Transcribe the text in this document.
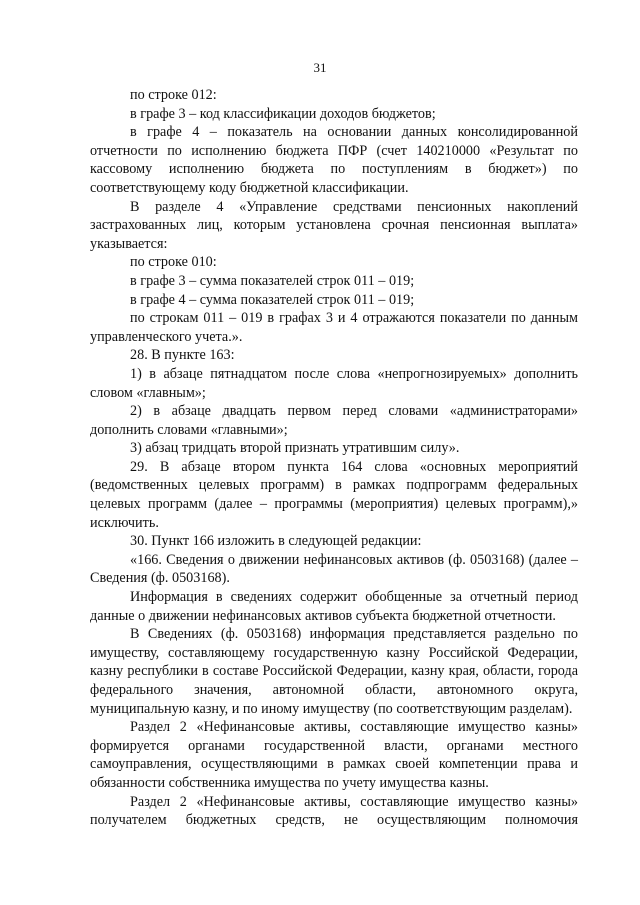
31

по строке 012:

в графе 3 – код классификации доходов бюджетов;

в графе 4 – показатель на основании данных консолидированной отчетности по исполнению бюджета ПФР (счет 140210000 «Результат по кассовому исполнению бюджета по поступлениям в бюджет») по соответствующему коду бюджетной классификации.

В разделе 4 «Управление средствами пенсионных накоплений застрахованных лиц, которым установлена срочная пенсионная выплата» указывается:

по строке 010:

в графе 3 – сумма показателей строк 011 – 019;

в графе 4 – сумма показателей строк 011 – 019;

по строкам 011 – 019 в графах 3 и 4 отражаются показатели по данным управленческого учета.».

28. В пункте 163:

1) в абзаце пятнадцатом после слова «непрогнозируемых» дополнить словом «главным»;

2) в абзаце двадцать первом перед словами «администраторами» дополнить словами «главными»;

3) абзац тридцать второй признать утратившим силу».

29. В абзаце втором пункта 164 слова «основных мероприятий (ведомственных целевых программ) в рамках подпрограмм федеральных целевых программ (далее – программы (мероприятия) целевых программ),» исключить.

30. Пункт 166 изложить в следующей редакции:

«166. Сведения о движении нефинансовых активов (ф. 0503168) (далее – Сведения (ф. 0503168).

Информация в сведениях содержит обобщенные за отчетный период данные о движении нефинансовых активов субъекта бюджетной отчетности.

В Сведениях (ф. 0503168) информация представляется раздельно по имуществу, составляющему государственную казну Российской Федерации, казну республики в составе Российской Федерации, казну края, области, города федерального значения, автономной области, автономного округа, муниципальную казну, и по иному имуществу (по соответствующим разделам).

Раздел 2 «Нефинансовые активы, составляющие имущество казны» формируется органами государственной власти, органами местного самоуправления, осуществляющими в рамках своей компетенции права и обязанности собственника имущества по учету имущества казны.

Раздел 2 «Нефинансовые активы, составляющие имущество казны» получателем бюджетных средств, не осуществляющим полномочия
